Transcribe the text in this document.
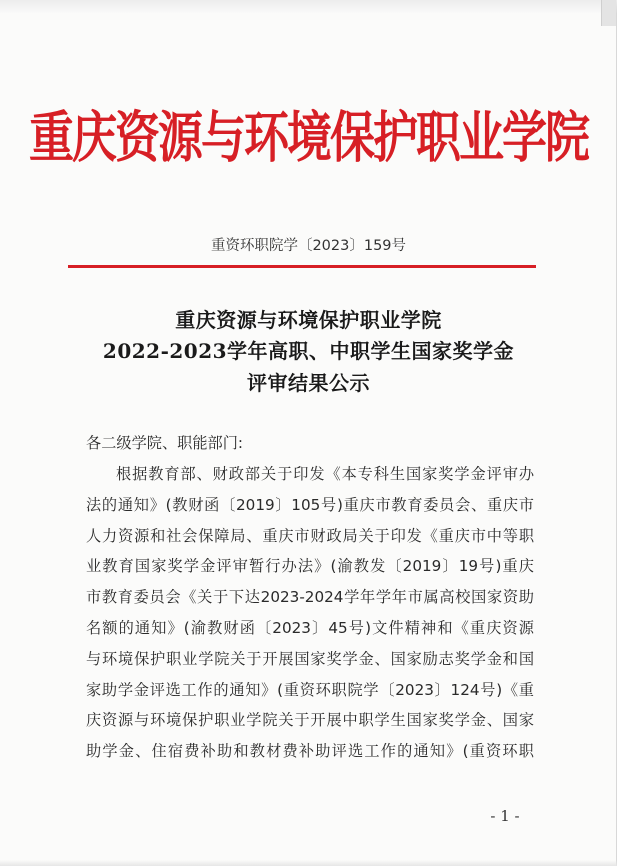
重庆资源与环境保护职业学院
重资环职院学〔2023〕159号
重庆资源与环境保护职业学院
2022-2023学年高职、中职学生国家奖学金
评审结果公示
各二级学院、职能部门:
根据教育部、财政部关于印发《本专科生国家奖学金评审办
法的通知》(教财函〔2019〕105号)重庆市教育委员会、重庆市
人力资源和社会保障局、重庆市财政局关于印发《重庆市中等职
业教育国家奖学金评审暂行办法》(渝教发〔2019〕19号)重庆
市教育委员会《关于下达2023-2024学年学年市属高校国家资助
名额的通知》(渝教财函〔2023〕45号)文件精神和《重庆资源
与环境保护职业学院关于开展国家奖学金、国家励志奖学金和国
家助学金评选工作的通知》(重资环职院学〔2023〕124号)《重
庆资源与环境保护职业学院关于开展中职学生国家奖学金、国家
助学金、住宿费补助和教材费补助评选工作的通知》(重资环职
- 1 -
